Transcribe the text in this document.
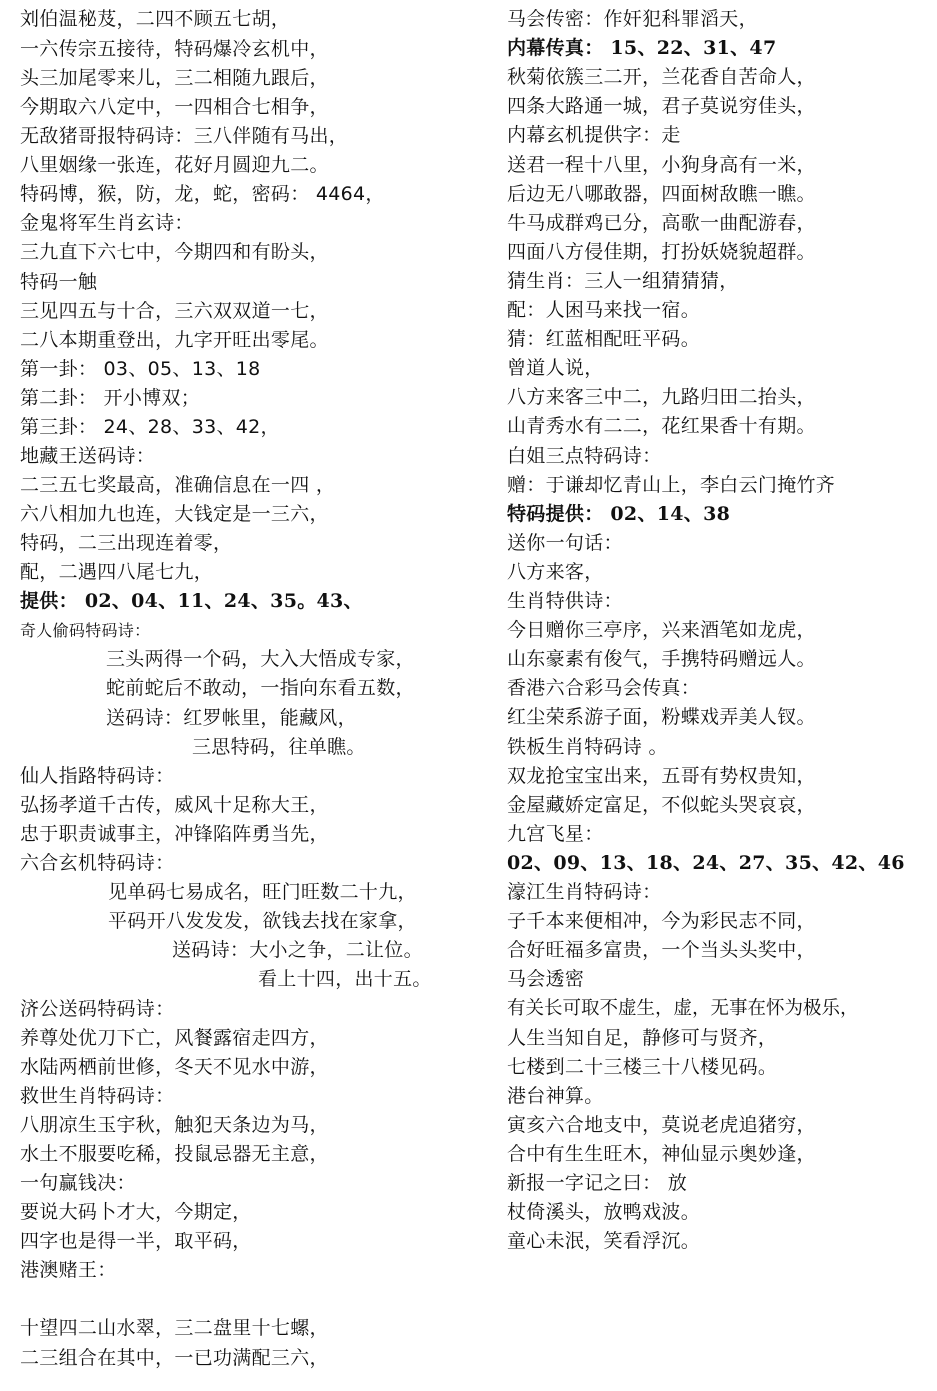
刘伯温秘芨，二四不顾五七胡，
一六传宗五接待，特码爆冷玄机中，
头三加尾零来儿，三二相随九跟后，
今期取六八定中，一四相合七相争，
无敌猪哥报特码诗：三八伴随有马出，
八里姻缘一张连，花好月圆迎九二。
特码博，猴，防，龙，蛇，密码： 4464，
金鬼将军生肖玄诗：
三九直下六七中，今期四和有盼头，
特码一触
三见四五与十合，三六双双道一七，
二八本期重登出，九字开旺出零尾。
第一卦： 03、05、13、18
第二卦： 开小博双；
第三卦： 24、28、33、42，
地藏王送码诗：
二三五七奖最高，准确信息在一四 ，
六八相加九也连，大钱定是一三六，
特码，二三出现连着零，
配，二遇四八尾七九，
提供： 02、04、11、24、35。43、
奇人偷码特码诗：
三头两得一个码，大入大悟成专家，
蛇前蛇后不敢动，一指向东看五数，
送码诗：红罗帐里，能藏风，
三思特码，往单瞧。
仙人指路特码诗：
弘扬孝道千古传，威风十足称大王，
忠于职责诚事主，冲锋陷阵勇当先，
六合玄机特码诗：
见单码七易成名，旺门旺数二十九，
平码开八发发发，欲钱去找在家拿，
送码诗：大小之争，二让位。
看上十四，出十五。
济公送码特码诗：
养尊处优刀下亡，风餐露宿走四方，
水陆两栖前世修，冬天不见水中游，
救世生肖特码诗：
八朋凉生玉宇秋，触犯天条边为马，
水土不服要吃稀，投鼠忌器无主意，
一句赢钱决：
要说大码卜才大，今期定，
四字也是得一半，取平码，
港澳赌王：
十望四二山水翠，三二盘里十七螺，
二三组合在其中，一已功满配三六，
马会传密：作奸犯科罪滔天，
内幕传真： 15、22、31、47
秋菊依簇三二开，兰花香自苦命人，
四条大路通一城，君子莫说穷佳头，
内幕玄机提供字：走
送君一程十八里，小狗身高有一米，
后边无八哪敢器，四面树敌瞧一瞧。
牛马成群鸡已分，高歌一曲配游春，
四面八方侵佳期，打扮妖娆貌超群。
猜生肖：三人一组猜猜猜，
配：人困马来找一宿。
猜：红蓝相配旺平码。
曾道人说，
八方来客三中二，九路归田二抬头，
山青秀水有二二，花红果香十有期。
白姐三点特码诗：
赠：于谦却忆青山上，李白云门掩竹齐
特码提供： 02、14、38
送你一句话：
八方来客，
生肖特供诗：
今日赠你三亭序，兴来酒笔如龙虎，
山东豪素有俊气，手携特码赠远人。
香港六合彩马会传真：
红尘荣系游子面，粉蝶戏弄美人钗。
铁板生肖特码诗 。
双龙抢宝宝出来，五哥有势权贵知，
金屋藏娇定富足，不似蛇头哭哀哀，
九宫飞星：
02、09、13、18、24、27、35、42、46
濠江生肖特码诗：
子千本来便相冲，今为彩民志不同，
合好旺福多富贵，一个当头头奖中，
马会透密
有关长可取不虚生，虚，无事在怀为极乐，
人生当知自足，静修可与贤齐，
七楼到二十三楼三十八楼见码。
港台神算。
寅亥六合地支中，莫说老虎追猪穷，
合中有生生旺木，神仙显示奥妙逢，
新报一字记之曰： 放
杖倚溪头，放鸭戏波。
童心未泯，笑看浮沉。
